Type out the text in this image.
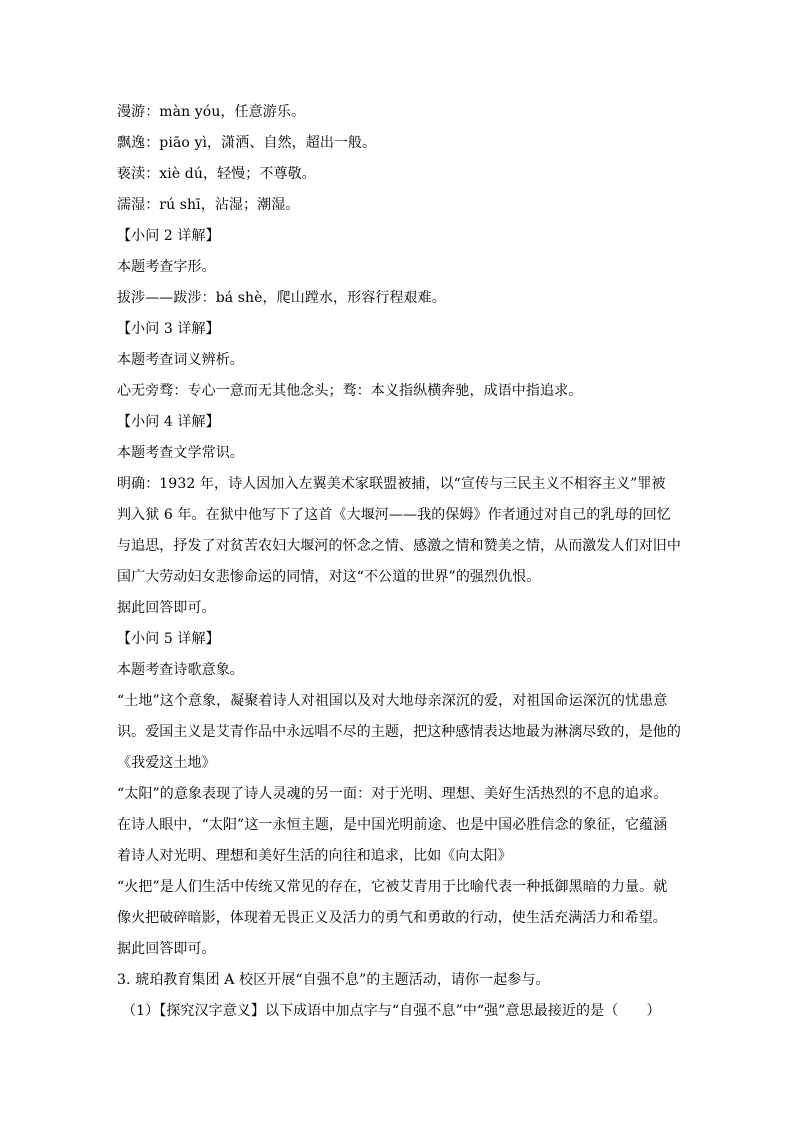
漫游：màn yóu，任意游乐。
飘逸：piāo yì，潇洒、自然，超出一般。
亵渎：xiè dú，轻慢；不尊敬。
濡湿：rú shī，沾湿；潮湿。
【小问 2 详解】
本题考查字形。
拔涉——跋涉：bá shè，爬山蹚水，形容行程艰难。
【小问 3 详解】
本题考查词义辨析。
心无旁骛：专心一意而无其他念头；骛：本义指纵横奔驰，成语中指追求。
【小问 4 详解】
本题考查文学常识。
明确：1932 年，诗人因加入左翼美术家联盟被捕，以“宣传与三民主义不相容主义”罪被
判入狱 6 年。在狱中他写下了这首《大堰河——我的保姆》作者通过对自己的乳母的回忆
与追思，抒发了对贫苦农妇大堰河的怀念之情、感激之情和赞美之情，从而激发人们对旧中
国广大劳动妇女悲惨命运的同情，对这“不公道的世界”的强烈仇恨。
据此回答即可。
【小问 5 详解】
本题考查诗歌意象。
“土地”这个意象，凝聚着诗人对祖国以及对大地母亲深沉的爱，对祖国命运深沉的忧患意
识。爱国主义是艾青作品中永远唱不尽的主题，把这种感情表达地最为淋漓尽致的，是他的
《我爱这土地》
“太阳”的意象表现了诗人灵魂的另一面：对于光明、理想、美好生活热烈的不息的追求。
在诗人眼中，“太阳”这一永恒主题，是中国光明前途、也是中国必胜信念的象征，它蕴涵
着诗人对光明、理想和美好生活的向往和追求，比如《向太阳》
“火把”是人们生活中传统又常见的存在，它被艾青用于比喻代表一种抵御黑暗的力量。就
像火把破碎暗影，体现着无畏正义及活力的勇气和勇敢的行动，使生活充满活力和希望。
据此回答即可。
3. 琥珀教育集团 A 校区开展“自强不息”的主题活动，请你一起参与。
（1）【探究汉字意义】以下成语中加点字与“自强不息”中“强”意思最接近的是（　　）
